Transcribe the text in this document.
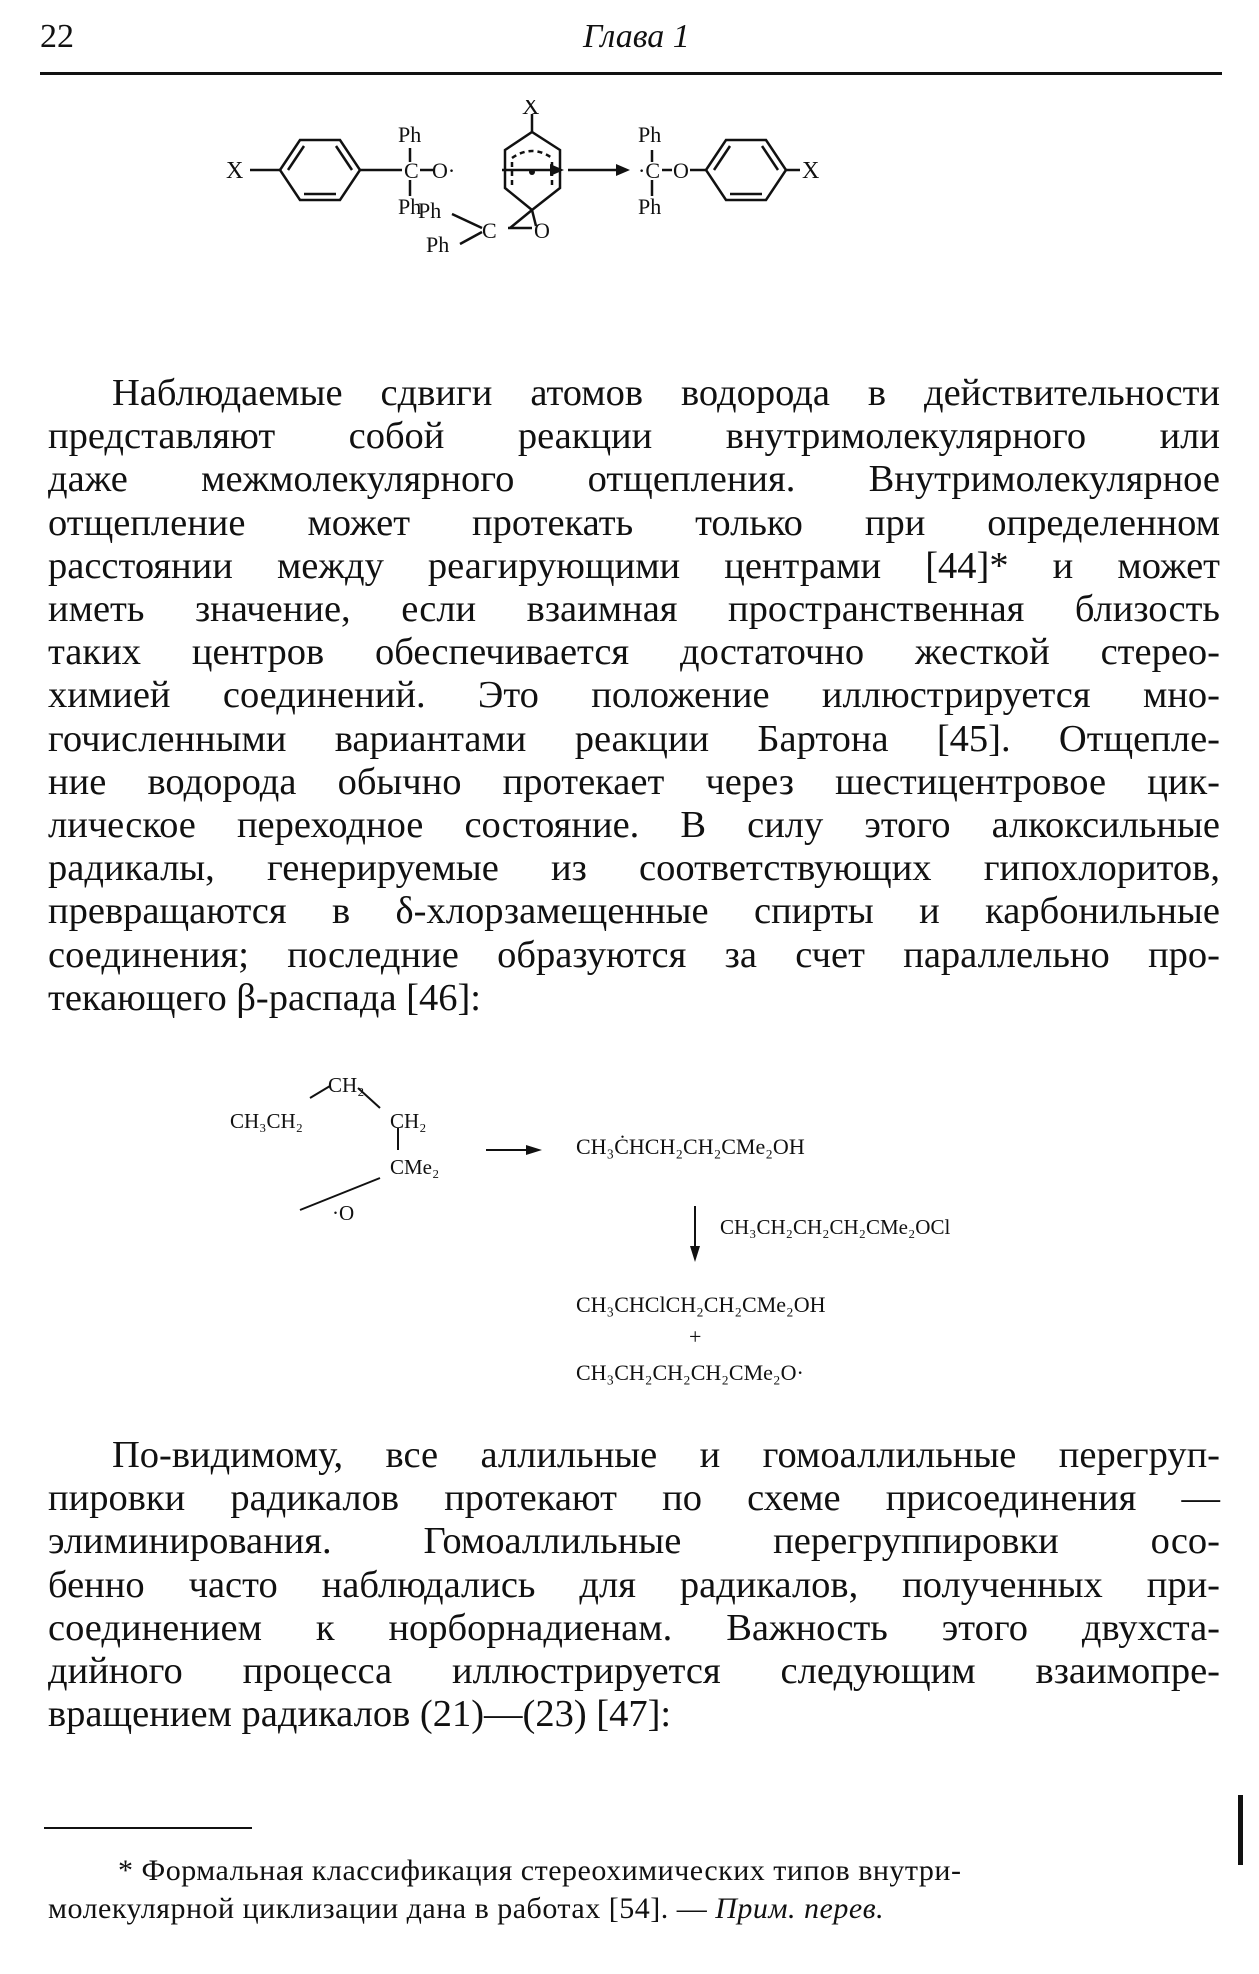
22	Глава 1
X
Ph
C O·
Ph
X
Ph
Ph
C O
Ph
·C O
Ph
X
Наблюдаемые сдвиги атомов водорода в действительности
представляют собой реакции внутримолекулярного или
даже межмолекулярного отщепления. Внутримолекулярное
отщепление может протекать только при определенном
расстоянии между реагирующими центрами [44]* и может
иметь значение, если взаимная пространственная близость
таких центров обеспечивается достаточно жесткой стерео-
химией соединений. Это положение иллюстрируется мно-
гочисленными вариантами реакции Бартона [45]. Отщепле-
ние водорода обычно протекает через шестицентровое цик-
лическое переходное состояние. В силу этого алкоксильные
радикалы, генерируемые из соответствующих гипохлоритов,
превращаются в δ-хлорзамещенные спирты и карбонильные
соединения; последние образуются за счет параллельно про-
текающего β-распада [46]:
CH₂
CH₃CH₂	CH₂
CMe₂
·O
CH₃ĊHCH₂CH₂CMe₂OH
CH₃CH₂CH₂CH₂CMe₂OCl
CH₃CHClCH₂CH₂CMe₂OH
+
CH₃CH₂CH₂CH₂CMe₂O·
По-видимому, все аллильные и гомоаллильные перегруп-
пировки радикалов протекают по схеме присоединения —
элиминирования. Гомоаллильные перегруппировки осо-
бенно часто наблюдались для радикалов, полученных при-
соединением к норборнадиенам. Важность этого двухста-
дийного процесса иллюстрируется следующим взаимопре-
вращением радикалов (21)—(23) [47]:
* Формальная классификация стереохимических типов внутри-
молекулярной циклизации дана в работах [54]. — Прим. перев.
